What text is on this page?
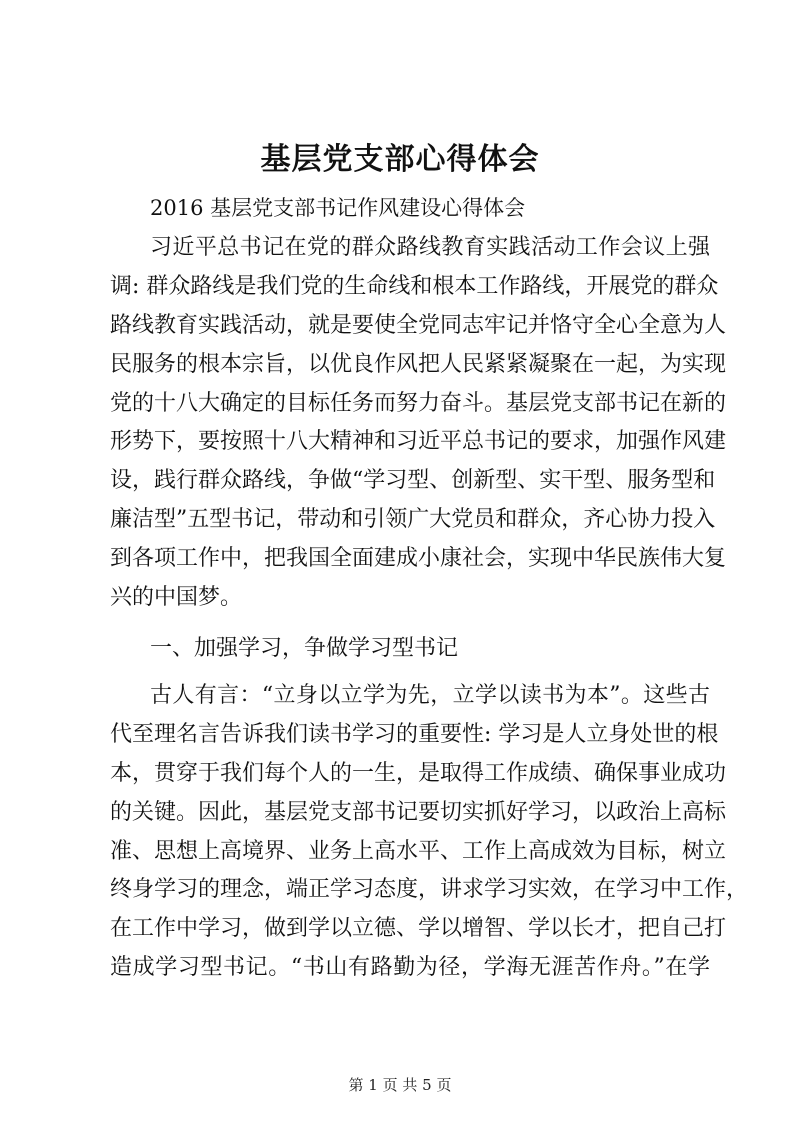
基层党支部心得体会
2016 基层党支部书记作风建设心得体会
习近平总书记在党的群众路线教育实践活动工作会议上强
调: 群众路线是我们党的生命线和根本工作路线，开展党的群众
路线教育实践活动，就是要使全党同志牢记并恪守全心全意为人
民服务的根本宗旨，以优良作风把人民紧紧凝聚在一起，为实现
党的十八大确定的目标任务而努力奋斗。基层党支部书记在新的
形势下，要按照十八大精神和习近平总书记的要求，加强作风建
设，践行群众路线，争做“学习型、创新型、实干型、服务型和
廉洁型”五型书记，带动和引领广大党员和群众，齐心协力投入
到各项工作中，把我国全面建成小康社会，实现中华民族伟大复
兴的中国梦。
一、加强学习，争做学习型书记
古人有言：“立身以立学为先，立学以读书为本”。这些古
代至理名言告诉我们读书学习的重要性: 学习是人立身处世的根
本，贯穿于我们每个人的一生，是取得工作成绩、确保事业成功
的关键。因此，基层党支部书记要切实抓好学习，以政治上高标
准、思想上高境界、业务上高水平、工作上高成效为目标，树立
终身学习的理念，端正学习态度，讲求学习实效，在学习中工作，
在工作中学习，做到学以立德、学以增智、学以长才，把自己打
造成学习型书记。“书山有路勤为径，学海无涯苦作舟。”在学
第 1 页 共 5 页
